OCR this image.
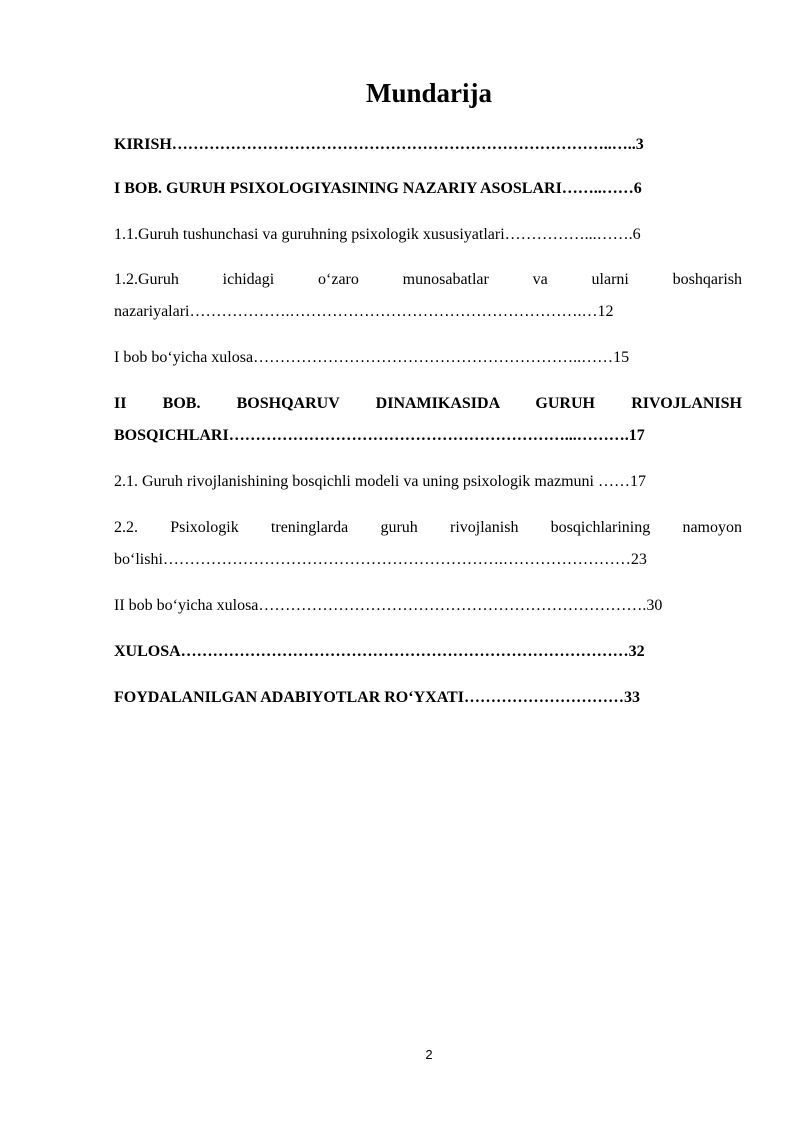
Mundarija
KIRISH………………………………………………………………………..…..3
I BOB. GURUH PSIXOLOGIYASINING NAZARIY ASOSLARI……..……6
1.1.Guruh tushunchasi va guruhning psixologik xususiyatlari……………...…….6
1.2.Guruh ichidagi o‘zaro munosabatlar va ularni boshqarish
nazariyalari……………….……………………………………………….…12
I bob bo‘yicha xulosa……………………………………………………..……15
II BOB. BOSHQARUV DINAMIKASIDA GURUH RIVOJLANISH
BOSQICHLARI………………………………………………………...……….17
2.1. Guruh rivojlanishining bosqichli modeli va uning psixologik mazmuni ……17
2.2. Psixologik treninglarda guruh rivojlanish bosqichlarining namoyon
bo‘lishi……………………………………………………….……………………23
II bob bo‘yicha xulosa……………………………………………………………….30
XULOSA…………………………………………………………………………32
FOYDALANILGAN ADABIYOTLAR RO‘YXATI…………………………33
2
